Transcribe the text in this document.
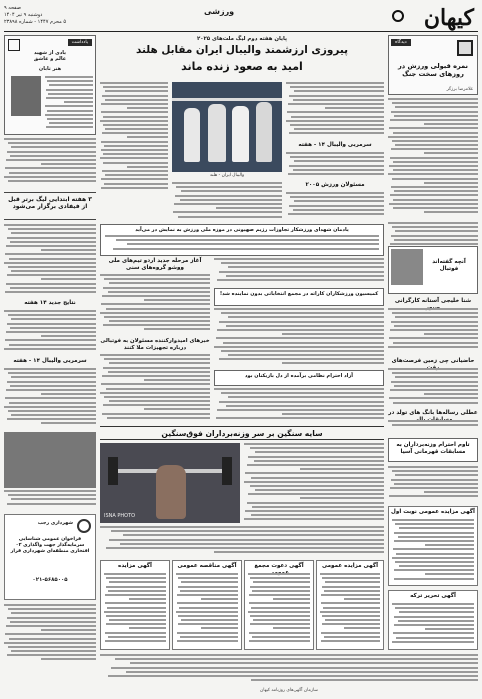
کیهان
ورزشی
صفحه ۹
دوشنبه ۹ تیر ۱۴۰۴
۵ محرم ۱۴۴۷ - شماره ۲۳۸۹۸
دیدگاه
نمره قبولی ورزش در روزهای سخت جنگ
غلامرضا برزگر
آنچه گفته‌اند فوتبال
شنا خلیجی آستانه کارگرانی
حاضیانی چی زمین فرصت‌های
عطلی رساله‌ها بانگ های تولد در
تاوم احترام وزنه‌برداران به مسابقات قهرمانی آسیا
یادداشت
یادی از شهید
عالم و عاشق
هنر تابان
۳ هفته ابتدایی لیگ برتر قبل از فیفادی برگزار می‌شود
نتایج جدید ۱۴ هفته
سرمربی والیبال ۱۴ - هفته
پایان هفته دوم لیگ ملت‌های ۲۰۲۵
پیروزی ارزشمند والیبال ایران مقابل هلند
امید به صعود زنده ماند
والیبال ایران - هلند
سرمربی والیبال ۱۴ - هفته
مسئولان ورزش ۲۰۰۵
یادمان شهدای ورزشکار تجاوزات رژیم صهیونی در موزه ملی ورزش به نمایش در می‌آید
آغاز مرحله جدید اردو تیم‌های ملی ووشو گروه‌های سنی
کمیسیون ورزشکاران کاراته در مجمع انتخاباتی بدون نماینده شد!
خبرهای امیدوارکننده مسئولان به فوتبالی درباره تجهیزات ملا کنند
آزاد احترام نظامی برآمده از دل بازیکنان بود
سایه سنگین بر سر وزنه‌برداران فوق‌سنگین
ISNA PHOTO
شهرداری رجب
فراخوان عمومی شناسایی سرمایه‌گذار جهت واگذاری ۰۲ افتخاری منطقه‌ای شهرداری قرار
۰۲۱-۵۶۸۵۰۰۵
آگهی مزایده	آگهی مناقصه عمومی	آگهی دعوت مجمع	آگهی مزایده عمومی
آگهی مزایده عمومی نوبت اول
آگهی تحریر ترکه
سازمان آگهی‌های روزنامه کیهان
